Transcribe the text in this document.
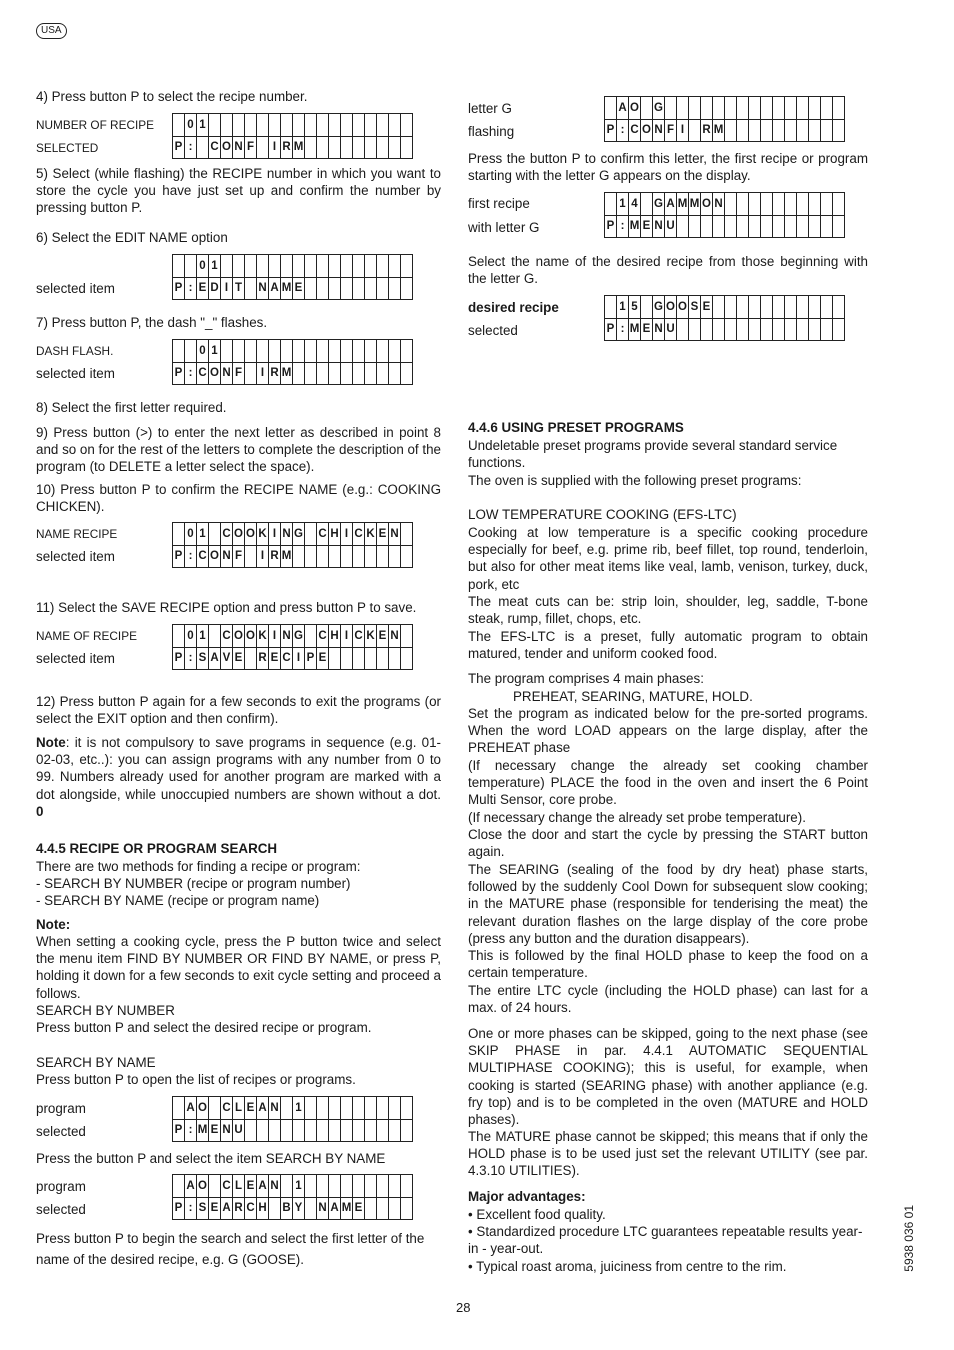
USA
4) Press button P to select the recipe number.
NUMBER OF RECIPE
SELECTED
	0	1																	
P	:		C	O	N	F		I	R	M									
5) Select (while flashing) the RECIPE number in which you want to store the cycle you have just set up and confirm the number by pressing button P.
6) Select the EDIT NAME option
selected item
		0	1																
P	:	E	D	I	T		N	A	M	E									
7) Press button P, the dash "_" flashes.
DASH FLASH.
selected item
		0	1																
P	:	C	O	N	F		I	R	M										
8) Select the first letter required.
9) Press button (>) to enter the next letter as described in point 8 and so on for the rest of the letters to complete the description of the program (to DELETE a letter select the space).
10) Press button P to confirm the RECIPE NAME (e.g.: COOKING CHICKEN).
NAME RECIPE
selected item
	0	1		C	O	O	K	I	N	G		C	H	I	C	K	E	N	
P	:	C	O	N	F		I	R	M										
11) Select the SAVE RECIPE option and press button P to save.
NAME OF RECIPE
selected item
	0	1		C	O	O	K	I	N	G		C	H	I	C	K	E	N	
P	:	S	A	V	E		R	E	C	I	P	E							
12) Press button P again for a few seconds to exit the programs (or select the EXIT option and then confirm).
Note: it is not compulsory to save programs in sequence (e.g. 01-02-03, etc..): you can assign programs with any number from 0 to 99. Numbers already used for another program are marked with a dot alongside, while unoccupied numbers are shown without a dot. 0
4.4.5 RECIPE OR PROGRAM SEARCH
There are two methods for finding a recipe or program:
- SEARCH BY NUMBER (recipe or program number)
- SEARCH BY NAME (recipe or program name)
Note:
When setting a cooking cycle, press the P button twice and select the menu item FIND BY NUMBER OR FIND BY NAME, or press P, holding it down for a few seconds to exit cycle setting and proceed a follows.
SEARCH BY NUMBER
Press button P and select the desired recipe or program.
SEARCH BY NAME
Press button P to open the list of recipes or programs.
program
selected
	A	O		C	L	E	A	N		1									
P	:	M	E	N	U														
Press the button P and select the item SEARCH BY NAME
program
selected
	A	O		C	L	E	A	N		1									
P	:	S	E	A	R	C	H		B	Y		N	A	M	E				
Press button P to begin the search and select the first letter of the name of the desired recipe, e.g. G (GOOSE).
letter G
flashing
	A	O		G															
P	:	C	O	N	F	I		R	M										
Press the button P to confirm this letter, the first recipe or program starting with the letter G appears on the display.
first recipe
with letter G
	1	4		G	A	M	M	O	N										
P	:	M	E	N	U														
Select the name of the desired recipe from those beginning with the letter G.
desired recipe
selected
	1	5		G	O	O	S	E											
P	:	M	E	N	U														
4.4.6 USING PRESET PROGRAMS
Undeletable preset programs provide several standard service functions.
The oven is supplied with the following preset programs:
LOW TEMPERATURE COOKING (EFS-LTC)
Cooking at low temperature is a specific cooking procedure especially for beef, e.g. prime rib, beef fillet, top round, tenderloin, but also for other meat items like veal, lamb, venison, turkey, duck, pork, etc
The meat cuts can be: strip loin, shoulder, leg, saddle, T-bone steak, rump, fillet, chops, etc.
The EFS-LTC is a preset, fully automatic program to obtain matured, tender and uniform cooked food.
The program comprises 4 main phases:
PREHEAT, SEARING, MATURE, HOLD.
Set the program as indicated below for the pre-sorted programs. When the word LOAD appears on the large display, after the PREHEAT phase
(If necessary change the already set cooking chamber temperature) PLACE the food in the oven and insert the 6 Point Multi Sensor, core probe.
(If necessary change the already set probe temperature).
Close the door and start the cycle by pressing the START button again.
The SEARING (sealing of the food by dry heat) phase starts, followed by the suddenly Cool Down for subsequent slow cooking; in the MATURE phase (responsible for tenderising the meat) the relevant duration flashes on the large display of the core probe (press any button and the duration disappears).
This is followed by the final HOLD phase to keep the food on a certain temperature.
The entire LTC cycle (including the HOLD phase) can last for a max. of 24 hours.
One or more phases can be skipped, going to the next phase (see SKIP PHASE in par. 4.4.1 AUTOMATIC SEQUENTIAL MULTIPHASE COOKING); this is useful, for example, when cooking is started (SEARING phase) with another appliance (e.g. fry top) and is to be completed in the oven (MATURE and HOLD phases).
The MATURE phase cannot be skipped; this means that if only the HOLD phase is to be used just set the relevant UTILITY (see par. 4.3.10 UTILITIES).
Major advantages:
• Excellent food quality.
• Standardized procedure LTC guarantees repeatable results year-in - year-out.
• Typical roast aroma, juiciness from centre to the rim.
28
5938 036 01
